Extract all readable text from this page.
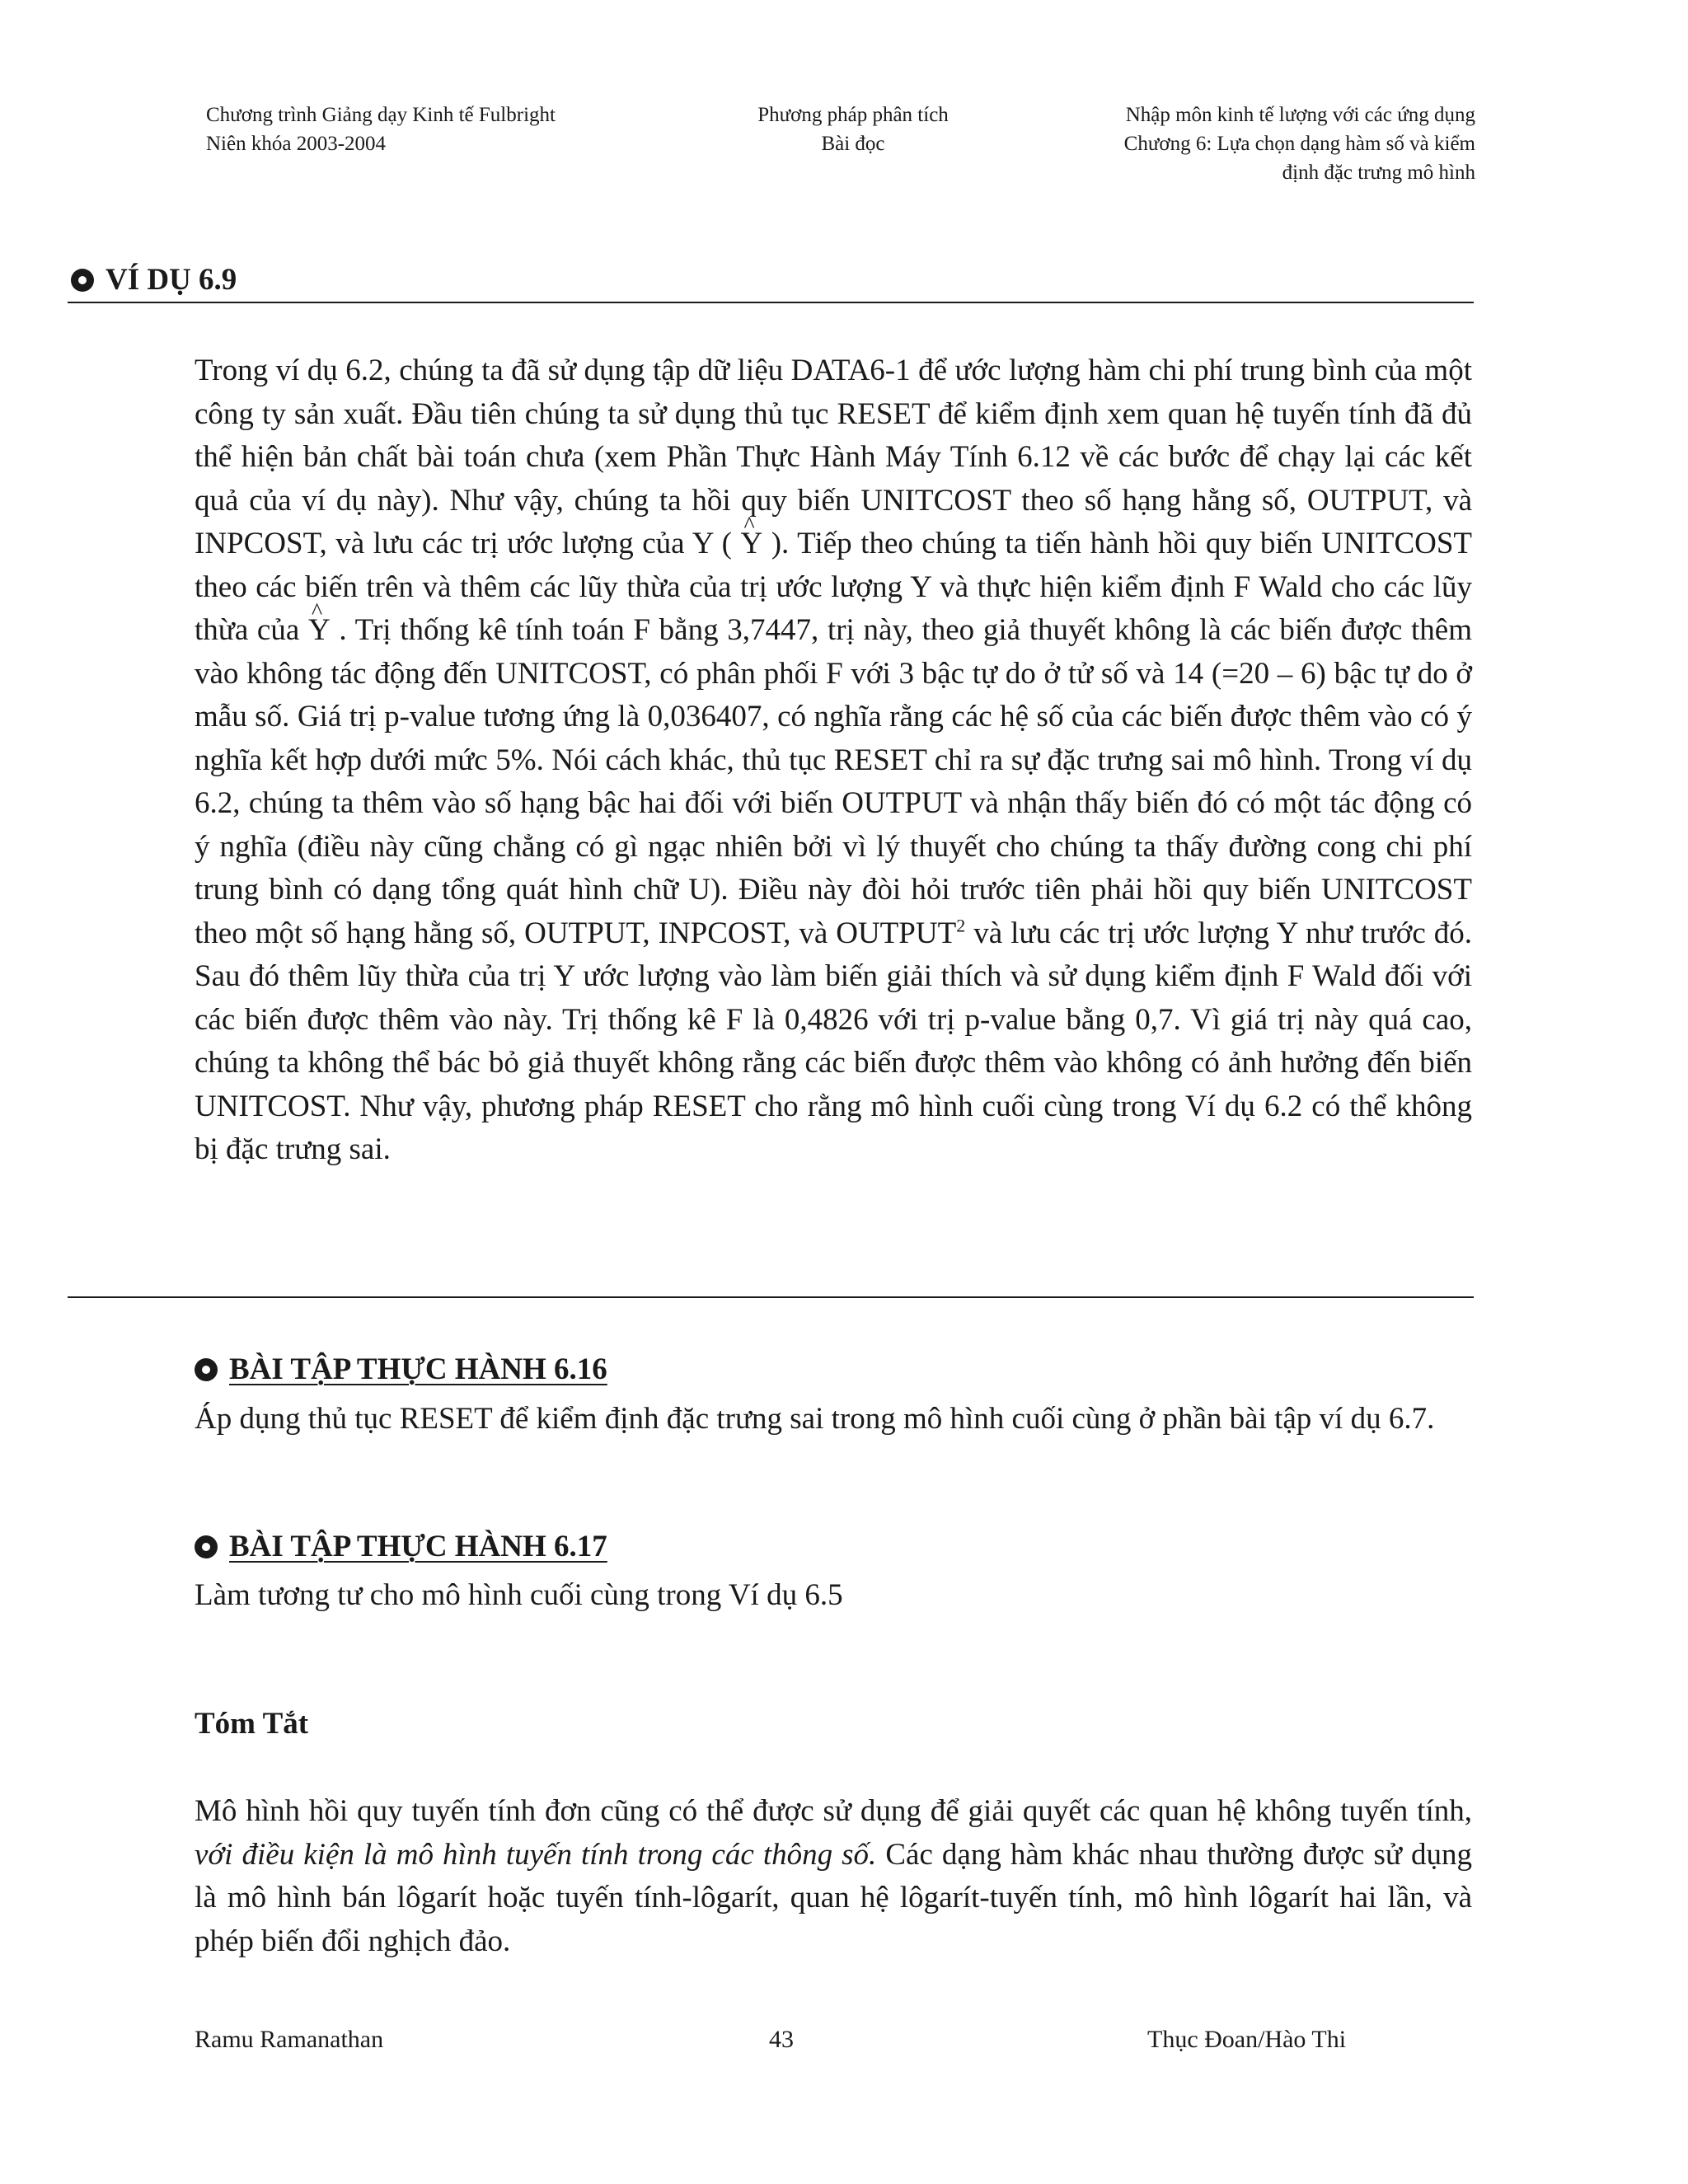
Chương trình Giảng dạy Kinh tế Fulbright
Niên khóa 2003-2004
Phương pháp phân tích
Bài đọc
Nhập môn kinh tế lượng với các ứng dụng
Chương 6: Lựa chọn dạng hàm số và kiểm
định đặc trưng mô hình
VÍ DỤ 6.9
Trong ví dụ 6.2, chúng ta đã sử dụng tập dữ liệu DATA6-1 để ước lượng hàm chi phí trung bình của một công ty sản xuất. Đầu tiên chúng ta sử dụng thủ tục RESET để kiểm định xem quan hệ tuyến tính đã đủ thể hiện bản chất bài toán chưa (xem Phần Thực Hành Máy Tính 6.12 về các bước để chạy lại các kết quả của ví dụ này). Như vậy, chúng ta hồi quy biến UNITCOST theo số hạng hằng số, OUTPUT, và INPCOST, và lưu các trị ước lượng của Y ( ^ Y ). Tiếp theo chúng ta tiến hành hồi quy biến UNITCOST theo các biến trên và thêm các lũy thừa của trị ước lượng Y và thực hiện kiểm định F Wald cho các lũy thừa của ^ Y . Trị thống kê tính toán F bằng 3,7447, trị này, theo giả thuyết không là các biến được thêm vào không tác động đến UNITCOST, có phân phối F với 3 bậc tự do ở tử số và 14 (=20 – 6) bậc tự do ở mẫu số. Giá trị p-value tương ứng là 0,036407, có nghĩa rằng các hệ số của các biến được thêm vào có ý nghĩa kết hợp dưới mức 5%. Nói cách khác, thủ tục RESET chỉ ra sự đặc trưng sai mô hình. Trong ví dụ 6.2, chúng ta thêm vào số hạng bậc hai đối với biến OUTPUT và nhận thấy biến đó có một tác động có ý nghĩa (điều này cũng chẳng có gì ngạc nhiên bởi vì lý thuyết cho chúng ta thấy đường cong chi phí trung bình có dạng tổng quát hình chữ U). Điều này đòi hỏi trước tiên phải hồi quy biến UNITCOST theo một số hạng hằng số, OUTPUT, INPCOST, và OUTPUT$^2$ và lưu các trị ước lượng Y như trước đó. Sau đó thêm lũy thừa của trị Y ước lượng vào làm biến giải thích và sử dụng kiểm định F Wald đối với các biến được thêm vào này. Trị thống kê F là 0,4826 với trị p-value bằng 0,7. Vì giá trị này quá cao, chúng ta không thể bác bỏ giả thuyết không rằng các biến được thêm vào không có ảnh hưởng đến biến UNITCOST. Như vậy, phương pháp RESET cho rằng mô hình cuối cùng trong Ví dụ 6.2 có thể không bị đặc trưng sai.
BÀI TẬP THỰC HÀNH 6.16
Áp dụng thủ tục RESET để kiểm định đặc trưng sai trong mô hình cuối cùng ở phần bài tập ví dụ 6.7.
BÀI TẬP THỰC HÀNH 6.17
Làm tương tư cho mô hình cuối cùng trong Ví dụ 6.5
Tóm Tắt
Mô hình hồi quy tuyến tính đơn cũng có thể được sử dụng để giải quyết các quan hệ không tuyến tính, với điều kiện là mô hình tuyến tính trong các thông số. Các dạng hàm khác nhau thường được sử dụng là mô hình bán lôgarít hoặc tuyến tính-lôgarít, quan hệ lôgarít-tuyến tính, mô hình lôgarít hai lần, và phép biến đổi nghịch đảo.
Ramu Ramanathan	43	Thục Đoan/Hào Thi
